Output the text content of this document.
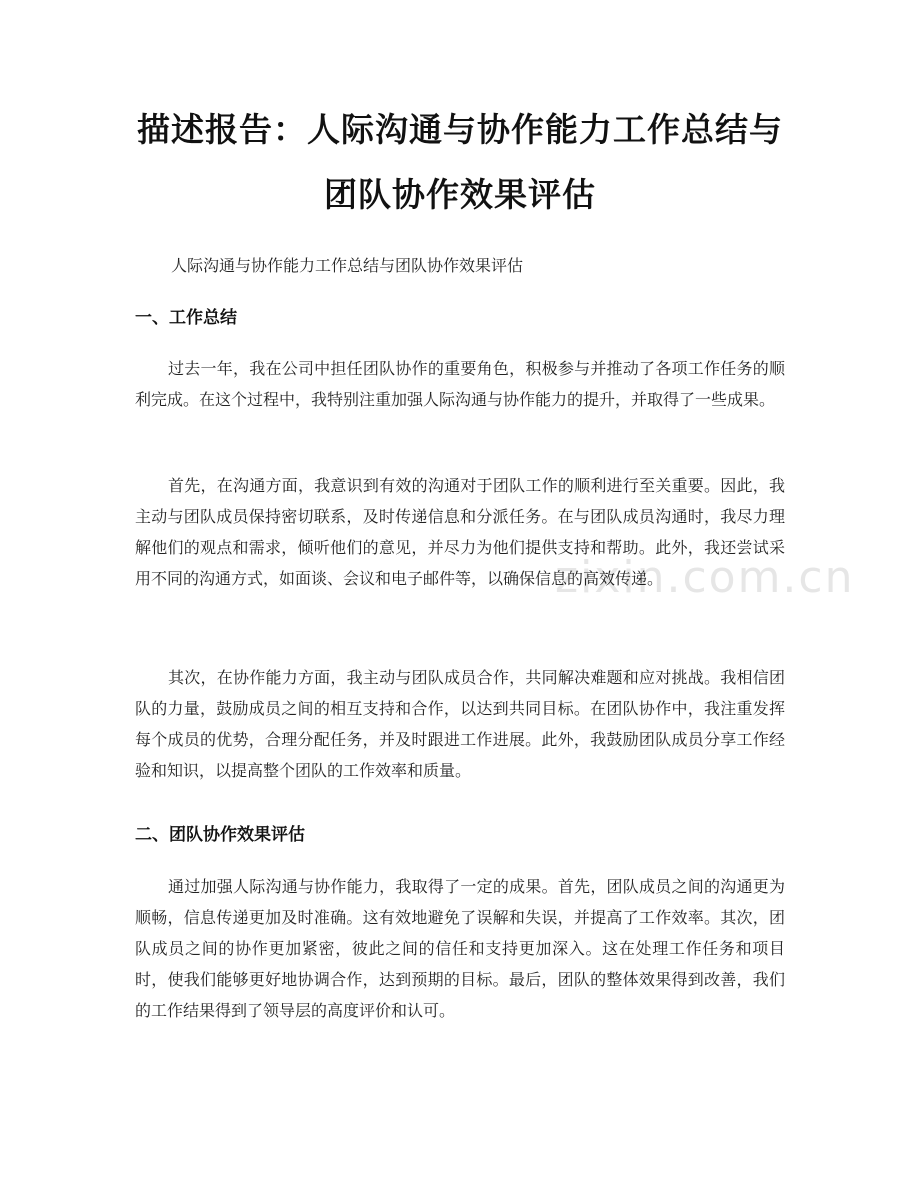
zixin.com.cn
描述报告：人际沟通与协作能力工作总结与
团队协作效果评估
人际沟通与协作能力工作总结与团队协作效果评估
一、工作总结
过去一年，我在公司中担任团队协作的重要角色，积极参与并推动了各项工作任务的顺利完成。在这个过程中，我特别注重加强人际沟通与协作能力的提升，并取得了一些成果。
首先，在沟通方面，我意识到有效的沟通对于团队工作的顺利进行至关重要。因此，我主动与团队成员保持密切联系，及时传递信息和分派任务。在与团队成员沟通时，我尽力理解他们的观点和需求，倾听他们的意见，并尽力为他们提供支持和帮助。此外，我还尝试采用不同的沟通方式，如面谈、会议和电子邮件等，以确保信息的高效传递。
其次，在协作能力方面，我主动与团队成员合作，共同解决难题和应对挑战。我相信团队的力量，鼓励成员之间的相互支持和合作，以达到共同目标。在团队协作中，我注重发挥每个成员的优势，合理分配任务，并及时跟进工作进展。此外，我鼓励团队成员分享工作经验和知识，以提高整个团队的工作效率和质量。
二、团队协作效果评估
通过加强人际沟通与协作能力，我取得了一定的成果。首先，团队成员之间的沟通更为顺畅，信息传递更加及时准确。这有效地避免了误解和失误，并提高了工作效率。其次，团队成员之间的协作更加紧密，彼此之间的信任和支持更加深入。这在处理工作任务和项目时，使我们能够更好地协调合作，达到预期的目标。最后，团队的整体效果得到改善，我们的工作结果得到了领导层的高度评价和认可。
